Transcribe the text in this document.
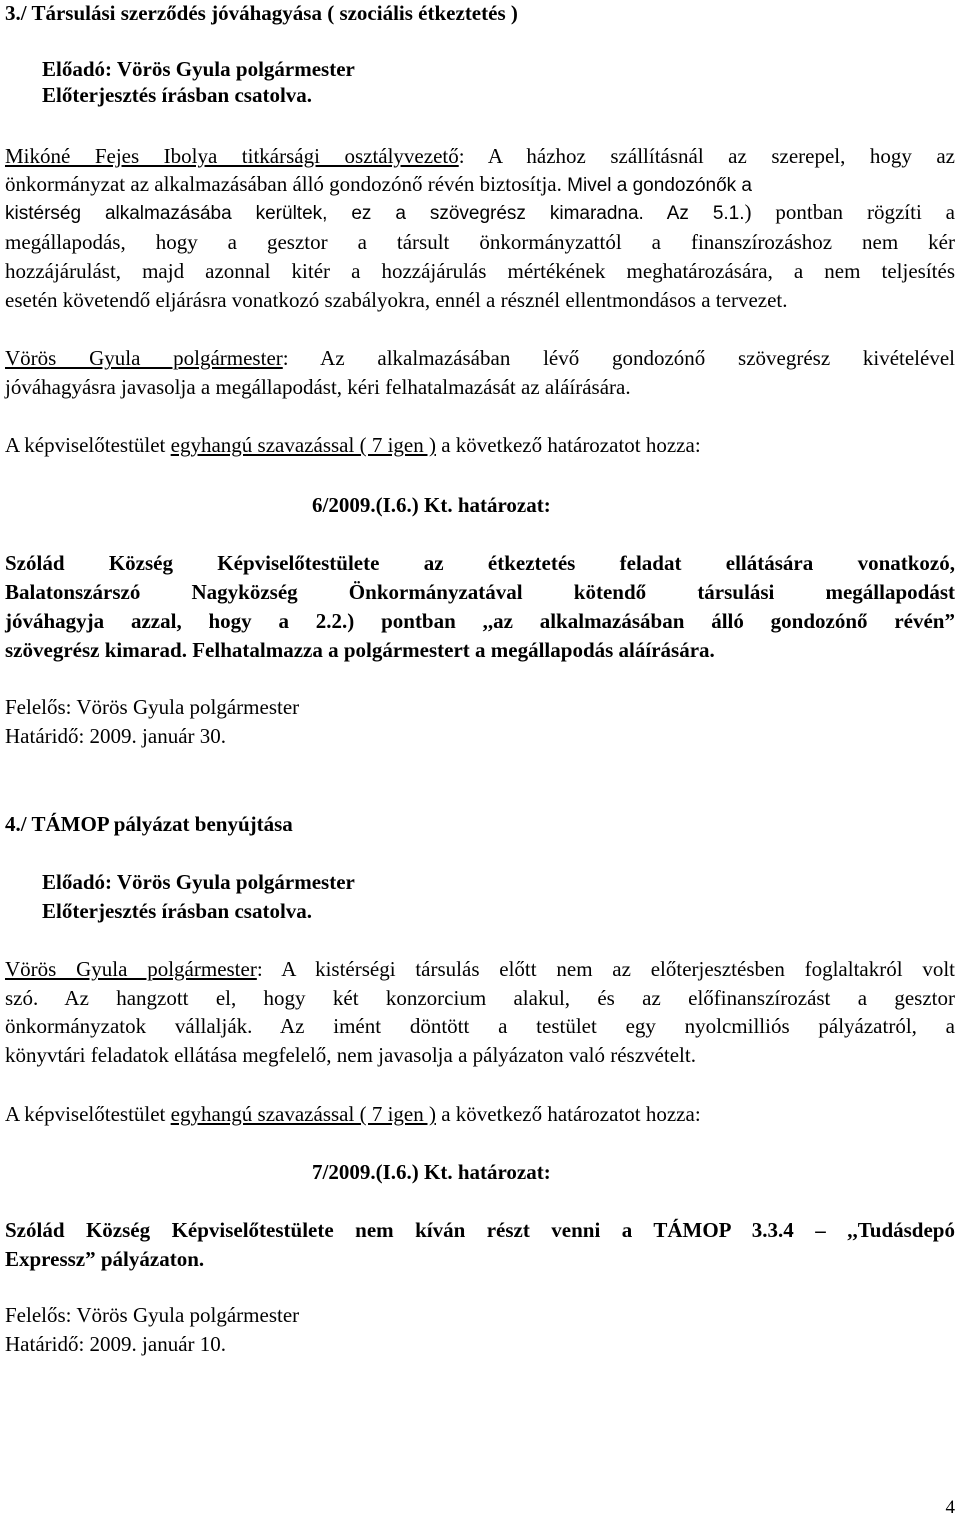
3./ Társulási szerződés jóváhagyása ( szociális étkeztetés )
Előadó: Vörös Gyula polgármester
Előterjesztés írásban csatolva.
Mikóné Fejes Ibolya titkársági osztályvezető: A házhoz szállításnál az szerepel, hogy az
önkormányzat az alkalmazásában álló gondozónő révén biztosítja. Mivel a gondozónők a
kistérség alkalmazásába kerültek, ez a szövegrész kimaradna. Az 5.1.) pontban rögzíti a
megállapodás, hogy a gesztor a társult önkormányzattól a finanszírozáshoz nem kér
hozzájárulást, majd azonnal kitér a hozzájárulás mértékének meghatározására, a nem teljesítés
esetén követendő eljárásra vonatkozó szabályokra, ennél a résznél ellentmondásos a tervezet.
Vörös Gyula polgármester: Az alkalmazásában lévő gondozónő szövegrész kivételével
jóváhagyásra javasolja a megállapodást, kéri felhatalmazását az aláírására.
A képviselőtestület egyhangú szavazással ( 7 igen ) a következő határozatot hozza:
6/2009.(I.6.) Kt. határozat:
Szólád Község Képviselőtestülete az étkeztetés feladat ellátására vonatkozó,
Balatonszárszó Nagyközség Önkormányzatával kötendő társulási megállapodást
jóváhagyja azzal, hogy a 2.2.) pontban ,,az alkalmazásában álló gondozónő révén”
szövegrész kimarad. Felhatalmazza a polgármestert a megállapodás aláírására.
Felelős: Vörös Gyula polgármester
Határidő: 2009. január 30.
4./ TÁMOP pályázat benyújtása
Előadó: Vörös Gyula polgármester
Előterjesztés írásban csatolva.
Vörös Gyula polgármester: A kistérségi társulás előtt nem az előterjesztésben foglaltakról volt
szó. Az hangzott el, hogy két konzorcium alakul, és az előfinanszírozást a gesztor
önkormányzatok vállalják. Az imént döntött a testület egy nyolcmilliós pályázatról, a
könyvtári feladatok ellátása megfelelő, nem javasolja a pályázaton való részvételt.
A képviselőtestület egyhangú szavazással ( 7 igen ) a következő határozatot hozza:
7/2009.(I.6.) Kt. határozat:
Szólád Község Képviselőtestülete nem kíván részt venni a TÁMOP 3.3.4 – ,,Tudásdepó
Expressz” pályázaton.
Felelős: Vörös Gyula polgármester
Határidő: 2009. január 10.
4
